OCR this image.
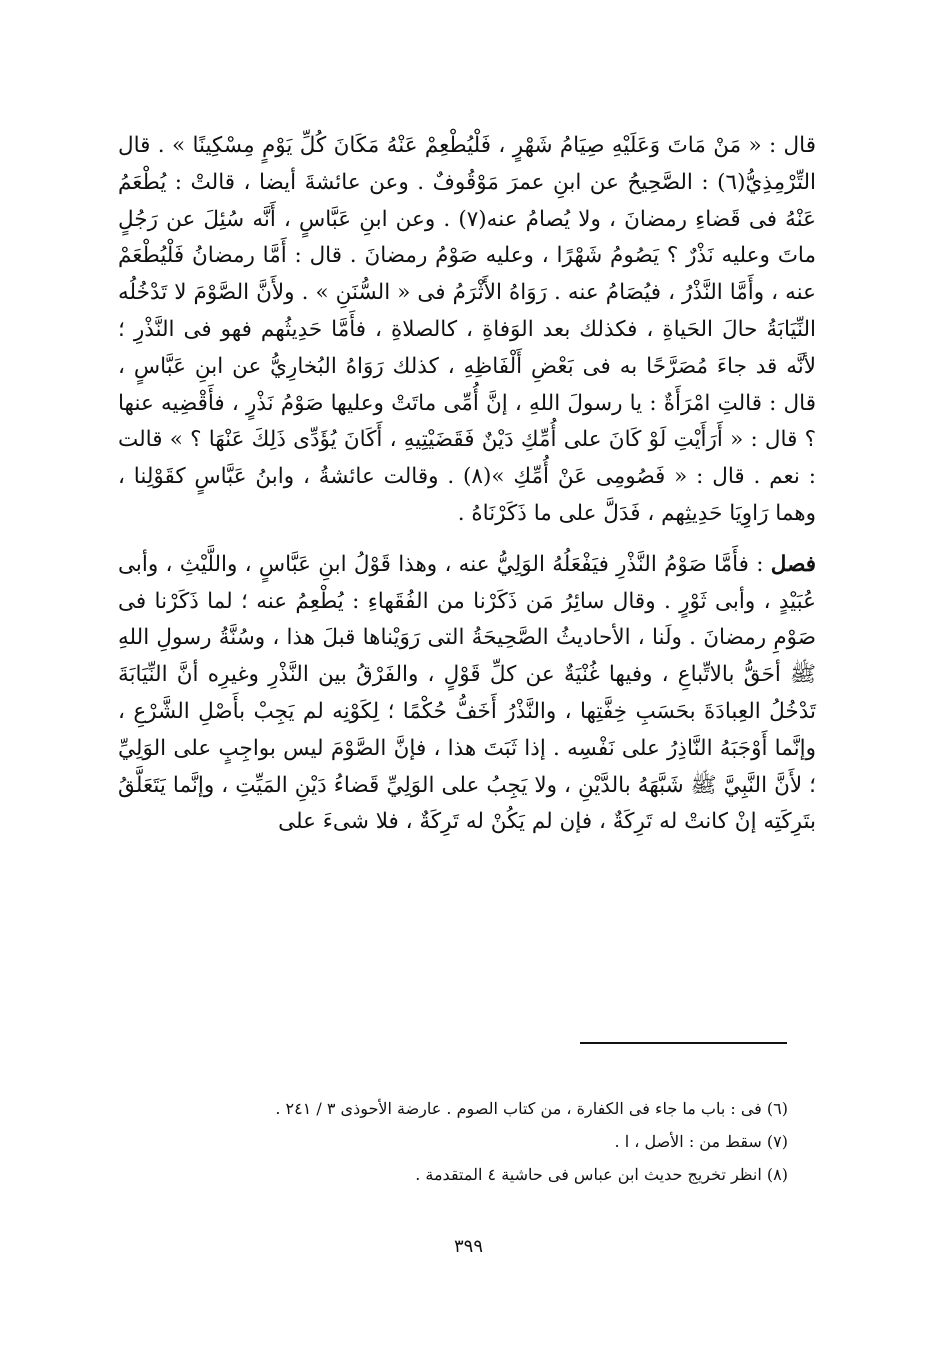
قال : « مَنْ مَاتَ وَعَلَيْهِ صِيَامُ شَهْرٍ ، فَلْيُطْعِمْ عَنْهُ مَكَانَ كُلِّ يَوْمٍ مِسْكِينًا » . قال التِّرْمِذِيُّ(٦) : الصَّحِيحُ عن ابنِ عمرَ مَوْقُوفٌ . وعن عائشةَ أيضا ، قالتْ : يُطْعَمُ عَنْهُ فى قَضاءِ رمضانَ ، ولا يُصامُ عنه(٧) . وعن ابنِ عَبَّاسٍ ، أَنَّه سُئِلَ عن رَجُلٍ ماتَ وعليه نَذْرٌ ؟ يَصُومُ شَهْرًا ، وعليه صَوْمُ رمضانَ . قال : أَمَّا رمضانُ فَلْيُطْعَمْ عنه ، وأَمَّا النَّذْرُ ، فيُصَامُ عنه . رَوَاهُ الأَثْرَمُ فى « السُّنَنِ » . ولأَنَّ الصَّوْمَ لا تَدْخُلُه النِّيَابَةُ حالَ الحَياةِ ، فكذلك بعد الوَفاةِ ، كالصلاةِ ، فأَمَّا حَدِيثُهم فهو فى النَّذْرِ ؛ لأنَّه قد جاءَ مُصَرَّحًا به فى بَعْضِ أَلْفَاظِهِ ، كذلك رَوَاهُ البُخارِيُّ عن ابنِ عَبَّاسٍ ، قال : قالتِ امْرَأَةٌ : يا رسولَ اللهِ ، إنَّ أُمِّى ماتَتْ وعليها صَوْمُ نَذْرٍ ، فأَقْضِيه عنها ؟ قال : « أَرَأَيْتِ لَوْ كَانَ على أُمِّكِ دَيْنٌ فَقَضَيْتِيهِ ، أَكَانَ يُؤَدِّى ذَلِكَ عَنْهَا ؟ » قالت : نعم . قال : « فَصُومِى عَنْ أُمِّكِ »(٨) . وقالت عائشةُ ، وابنُ عَبَّاسٍ كقَوْلِنا ، وهما رَاوِيَا حَدِيثِهم ، فَدَلَّ على ما ذَكَرْنَاهُ .

فصل : فأَمَّا صَوْمُ النَّذْرِ فيَفْعَلُهُ الوَلِيُّ عنه ، وهذا قَوْلُ ابنِ عَبَّاسٍ ، واللَّيْثِ ، وأبى عُبَيْدٍ ، وأبى ثَوْرٍ . وقال سائِرُ مَن ذَكَرْنا من الفُقَهاءِ : يُطْعِمُ عنه ؛ لما ذَكَرْنا فى صَوْمِ رمضانَ . ولَنا ، الأحاديثُ الصَّحِيحَةُ التى رَوَيْناها قبلَ هذا ، وسُنَّةُ رسولِ اللهِ ﷺ أحَقُّ بالاتِّباعِ ، وفيها غُنْيَةٌ عن كلِّ قَوْلٍ ، والفَرْقُ بين النَّذْرِ وغيرِه أنَّ النِّيَابَةَ تَدْخُلُ العِبادَةَ بحَسَبِ خِفَّتِها ، والنَّذْرُ أَخَفُّ حُكْمًا ؛ لِكَوْنِه لم يَجِبْ بأَصْلِ الشَّرْعِ ، وإنَّما أَوْجَبَهُ النَّاذِرُ على نَفْسِه . إذا ثَبَتَ هذا ، فإنَّ الصَّوْمَ ليس بواجِبٍ على الوَلِيِّ ؛ لأَنَّ النَّبِيَّ ﷺ شَبَّهَهُ بالدَّيْنِ ، ولا يَجِبُ على الوَلِيِّ قَضاءُ دَيْنِ المَيِّتِ ، وإنَّما يَتَعَلَّقُ بتَرِكَتِه إنْ كانتْ له تَرِكَةٌ ، فإن لم يَكُنْ له تَرِكَةٌ ، فلا شىءَ على

(٦) فى : باب ما جاء فى الكفارة ، من كتاب الصوم . عارضة الأحوذى ٣ / ٢٤١ .
(٧) سقط من : الأصل ، ا .
(٨) انظر تخريج حديث ابن عباس فى حاشية ٤ المتقدمة .
٣٩٩
